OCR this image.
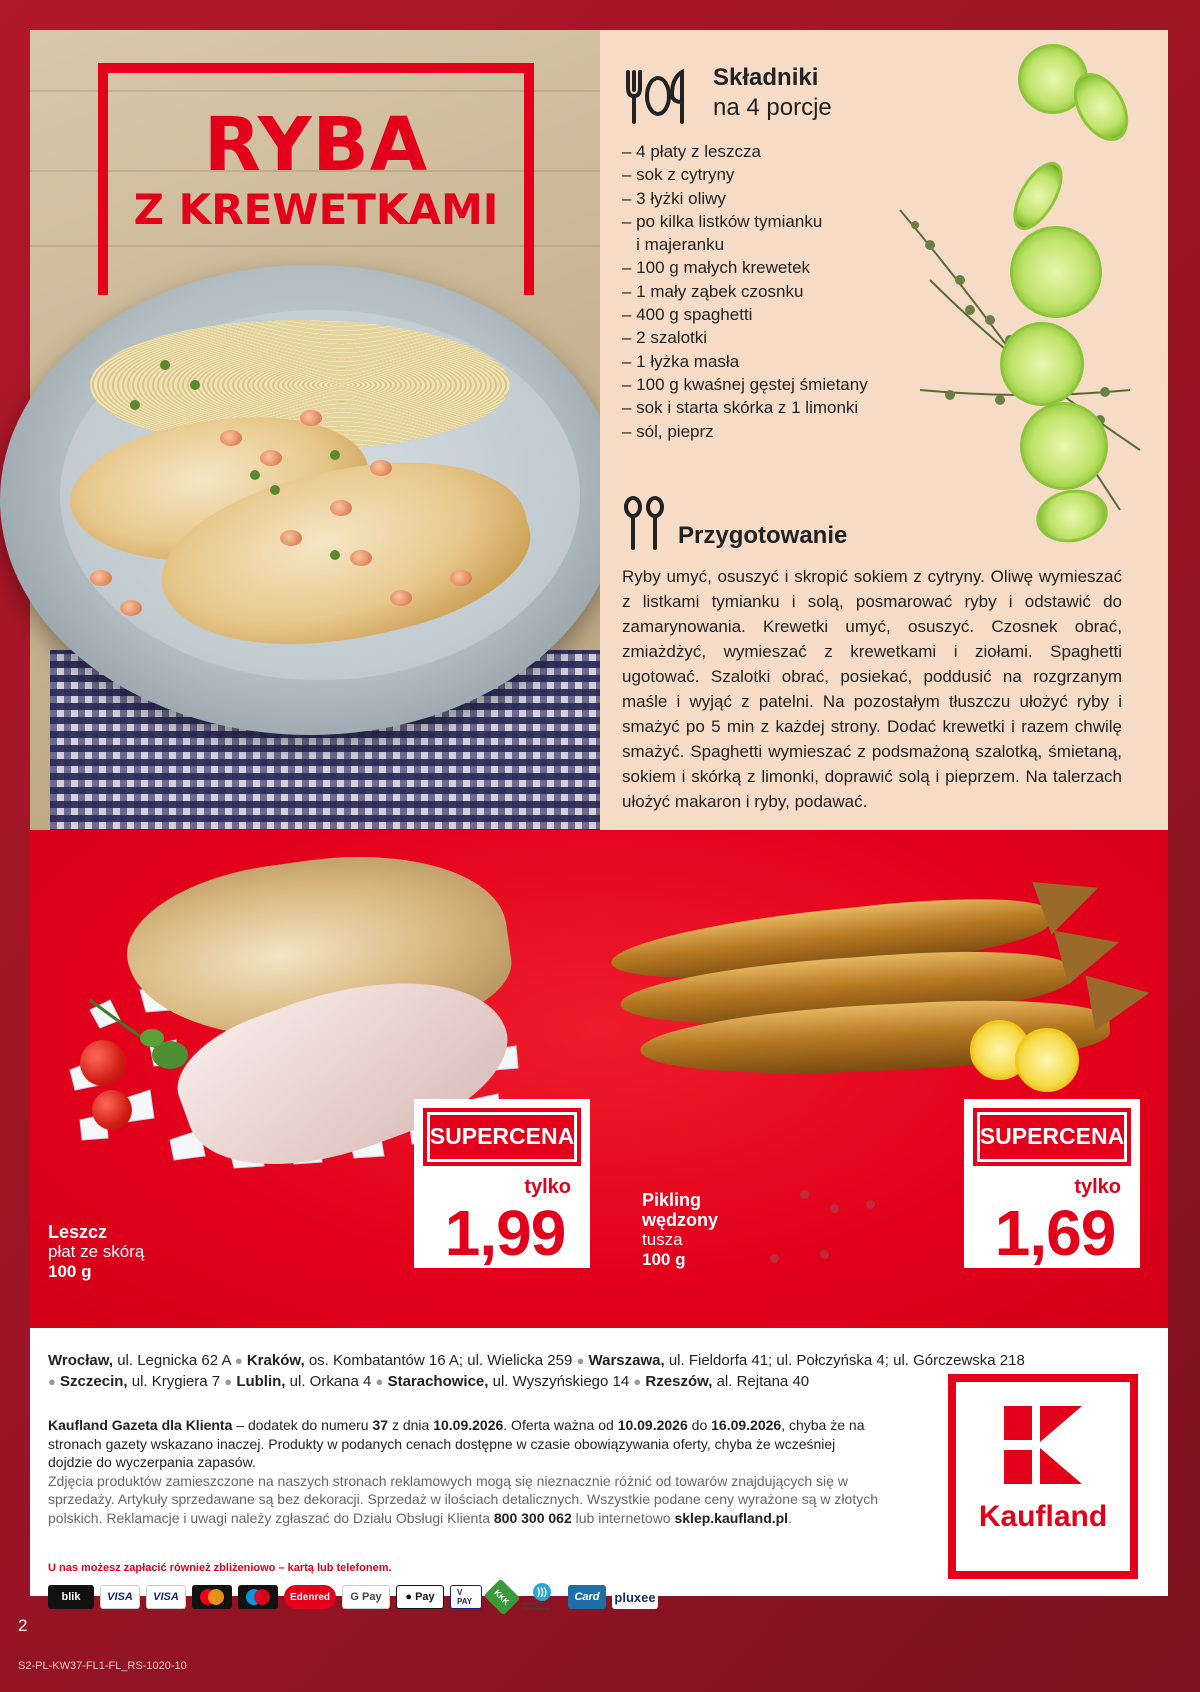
RYBA
Z KREWETKAMI
Składniki
na 4 porcje
– 4 płaty z leszcza
– sok z cytryny
– 3 łyżki oliwy
– po kilka listków tymianku
i majeranku
– 100 g małych krewetek
– 1 mały ząbek czosnku
– 400 g spaghetti
– 2 szalotki
– 1 łyżka masła
– 100 g kwaśnej gęstej śmietany
– sok i starta skórka z 1 limonki
– sól, pieprz
Przygotowanie
Ryby umyć, osuszyć i skropić sokiem z cytryny. Oliwę wymieszać z listkami tymianku i solą, posmarować ryby i odstawić do zamarynowania. Krewetki umyć, osuszyć. Czosnek obrać, zmiażdżyć, wymieszać z krewetkami i ziołami. Spaghetti ugotować. Szalotki obrać, posiekać, poddusić na rozgrzanym maśle i wyjąć z patelni. Na pozostałym tłuszczu ułożyć ryby i smażyć po 5 min z każdej strony. Dodać krewetki i razem chwilę smażyć. Spaghetti wymieszać z podsmażoną szalotką, śmietaną, sokiem i skórką z limonki, doprawić solą i pieprzem. Na talerzach ułożyć makaron i ryby, podawać.
Leszcz
płat ze skórą
100 g
SUPERCENA
tylko
1,99	Pikling
wędzony
tusza
100 g
SUPERCENA
tylko
1,69
Wrocław, ul. Legnicka 62 A ● Kraków, os. Kombatantów 16 A; ul. Wielicka 259 ● Warszawa, ul. Fieldorfa 41; ul. Połczyńska 4; ul. Górczewska 218
● Szczecin, ul. Krygiera 7 ● Lublin, ul. Orkana 4 ● Starachowice, ul. Wyszyńskiego 14 ● Rzeszów, al. Rejtana 40
Kaufland Gazeta dla Klienta – dodatek do numeru 37 z dnia 10.09.2026. Oferta ważna od 10.09.2026 do 16.09.2026, chyba że na stronach gazety wskazano inaczej. Produkty w podanych cenach dostępne w czasie obowiązywania oferty, chyba że wcześniej dojdzie do wyczerpania zapasów.
Zdjęcia produktów zamieszczone na naszych stronach reklamowych mogą się nieznacznie różnić od towarów znajdujących się w sprzedaży. Artykuły sprzedawane są bez dekoracji. Sprzedaż w ilościach detalicznych. Wszystkie podane ceny wyrażone są w złotych polskich. Reklamacje i uwagi należy zgłaszać do Działu Obsługi Klienta 800 300 062 lub internetowo sklep.kaufland.pl.
U nas możesz zapłacić również zbliżeniowo – kartą lub telefonem.
blik	VISA	VISA	Edenred	G Pay	●
Pay	V PAY	KKK	)))
PŁATNOŚCI ZBLIŻENIOWE
Card	pluxee
Kaufland
2
S2-PL-KW37-FL1-FL_RS-1020-10
